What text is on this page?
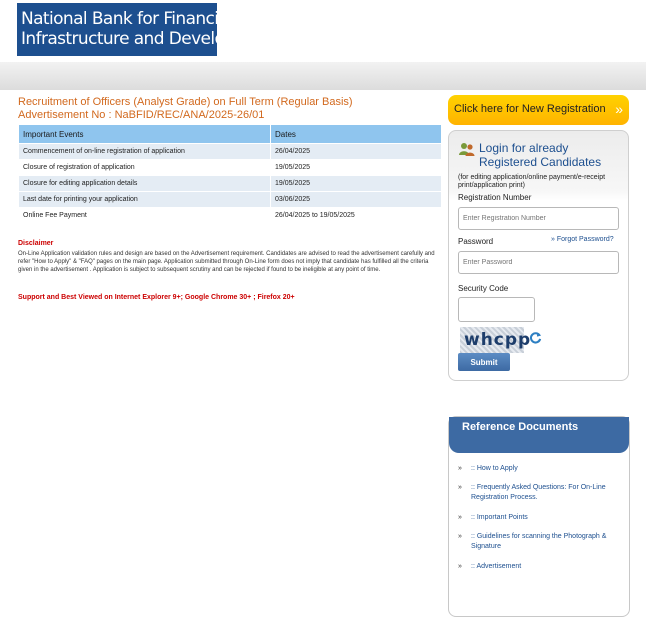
National Bank for Financing
Infrastructure and Development
Recruitment of Officers (Analyst Grade) on Full Term (Regular Basis)
Advertisement No : NaBFID/REC/ANA/2025-26/01
Important Events	Dates
Commencement of on-line registration of application	26/04/2025
Closure of registration of application	19/05/2025
Closure for editing application details	19/05/2025
Last date for printing your application	03/06/2025
Online Fee Payment	26/04/2025 to 19/05/2025
Disclaimer
On-Line Application validation rules and design are based on the Advertisement requirement. Candidates are advised to read the advertisement carefully and refer "How to Apply" & "FAQ" pages on the main page. Application submitted through On-Line form does not imply that candidate has fulfilled all the criteria given in the advertisement . Application is subject to subsequent scrutiny and can be rejected if found to be ineligible at any point of time.
Support and Best Viewed on Internet Explorer 9+; Google Chrome 30+ ; Firefox 20+
Click here for New Registration »
Login for already
Registered Candidates
(for editing application/online payment/e-receipt print/application print)
Registration Number
Enter Registration Number
Password	» Forgot Password?
Security Code
whcpp
Submit
Reference Documents
» :: How to Apply
» :: Frequently Asked Questions: For On-Line Registration Process.
» :: Important Points
» :: Guidelines for scanning the Photograph & Signature
» :: Advertisement
